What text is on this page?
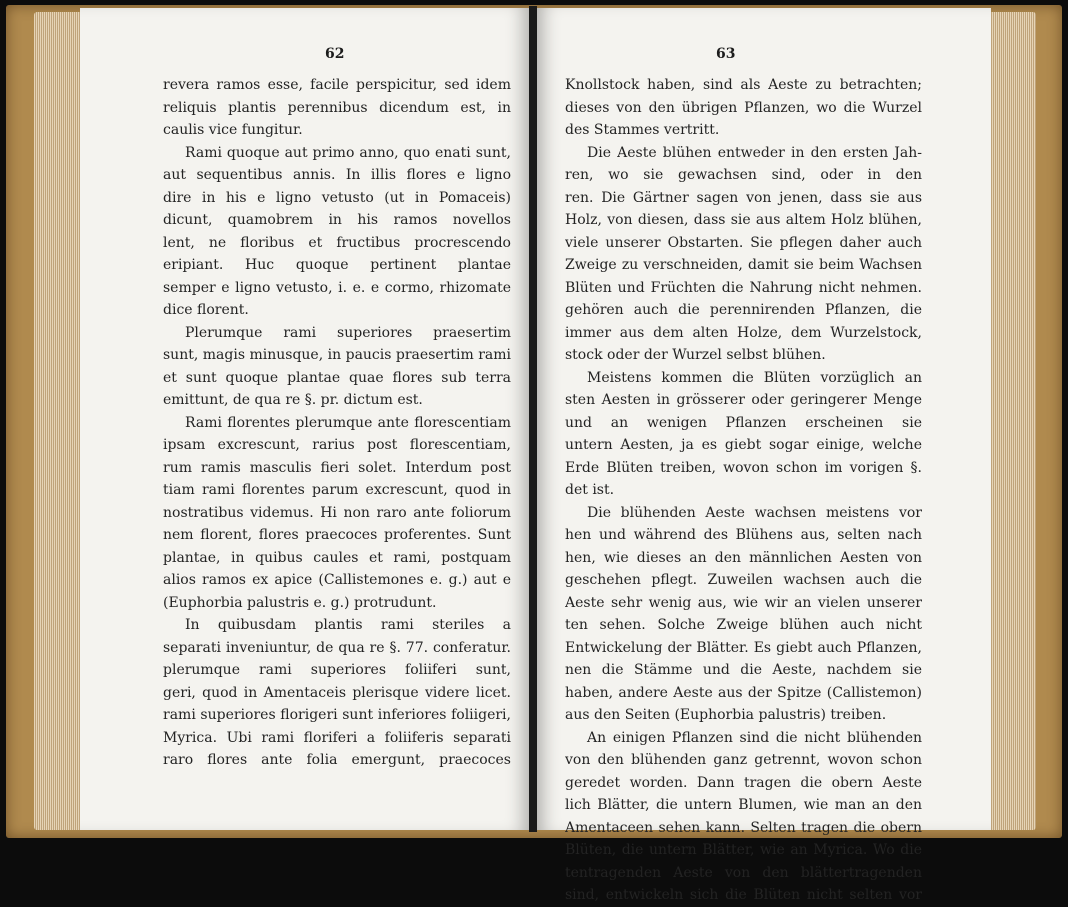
62	63
revera ramos esse, facile perspicitur, sed idem
reliquis plantis perennibus dicendum est, in
caulis vice fungitur.
Rami quoque aut primo anno, quo enati sunt,
aut sequentibus annis. In illis flores e ligno
dire in his e ligno vetusto (ut in Pomaceis)
dicunt, quamobrem in his ramos novellos
lent, ne floribus et fructibus procrescendo
eripiant. Huc quoque pertinent plantae
semper e ligno vetusto, i. e. e cormo, rhizomate
dice florent.
Plerumque rami superiores praesertim
sunt, magis minusque, in paucis praesertim rami
et sunt quoque plantae quae flores sub terra
emittunt, de qua re §. pr. dictum est.
Rami florentes plerumque ante florescentiam
ipsam excrescunt, rarius post florescentiam,
rum ramis masculis fieri solet. Interdum post
tiam rami florentes parum excrescunt, quod in
nostratibus videmus. Hi non raro ante foliorum
nem florent, flores praecoces proferentes. Sunt
plantae, in quibus caules et rami, postquam
alios ramos ex apice (Callistemones e. g.) aut e
(Euphorbia palustris e. g.) protrudunt.
In quibusdam plantis rami steriles a
separati inveniuntur, de qua re §. 77. conferatur.
plerumque rami superiores foliiferi sunt,
geri, quod in Amentaceis plerisque videre licet.
rami superiores florigeri sunt inferiores foliigeri,
Myrica. Ubi rami floriferi a foliiferis separati
raro flores ante folia emergunt, praecoces
Knollstock haben, sind als Aeste zu betrachten;
dieses von den übrigen Pflanzen, wo die Wurzel
des Stammes vertritt.
Die Aeste blühen entweder in den ersten Jah-
ren, wo sie gewachsen sind, oder in den
ren. Die Gärtner sagen von jenen, dass sie aus
Holz, von diesen, dass sie aus altem Holz blühen,
viele unserer Obstarten. Sie pflegen daher auch
Zweige zu verschneiden, damit sie beim Wachsen
Blüten und Früchten die Nahrung nicht nehmen.
gehören auch die perennirenden Pflanzen, die
immer aus dem alten Holze, dem Wurzelstock,
stock oder der Wurzel selbst blühen.
Meistens kommen die Blüten vorzüglich an
sten Aesten in grösserer oder geringerer Menge
und an wenigen Pflanzen erscheinen sie
untern Aesten, ja es giebt sogar einige, welche
Erde Blüten treiben, wovon schon im vorigen §.
det ist.
Die blühenden Aeste wachsen meistens vor
hen und während des Blühens aus, selten nach
hen, wie dieses an den männlichen Aesten von
geschehen pflegt. Zuweilen wachsen auch die
Aeste sehr wenig aus, wie wir an vielen unserer
ten sehen. Solche Zweige blühen auch nicht
Entwickelung der Blätter. Es giebt auch Pflanzen,
nen die Stämme und die Aeste, nachdem sie
haben, andere Aeste aus der Spitze (Callistemon)
aus den Seiten (Euphorbia palustris) treiben.
An einigen Pflanzen sind die nicht blühenden
von den blühenden ganz getrennt, wovon schon
geredet worden. Dann tragen die obern Aeste
lich Blätter, die untern Blumen, wie man an den
Amentaceen sehen kann. Selten tragen die obern
Blüten, die untern Blätter, wie an Myrica. Wo die
tentragenden Aeste von den blättertragenden
sind, entwickeln sich die Blüten nicht selten vor
